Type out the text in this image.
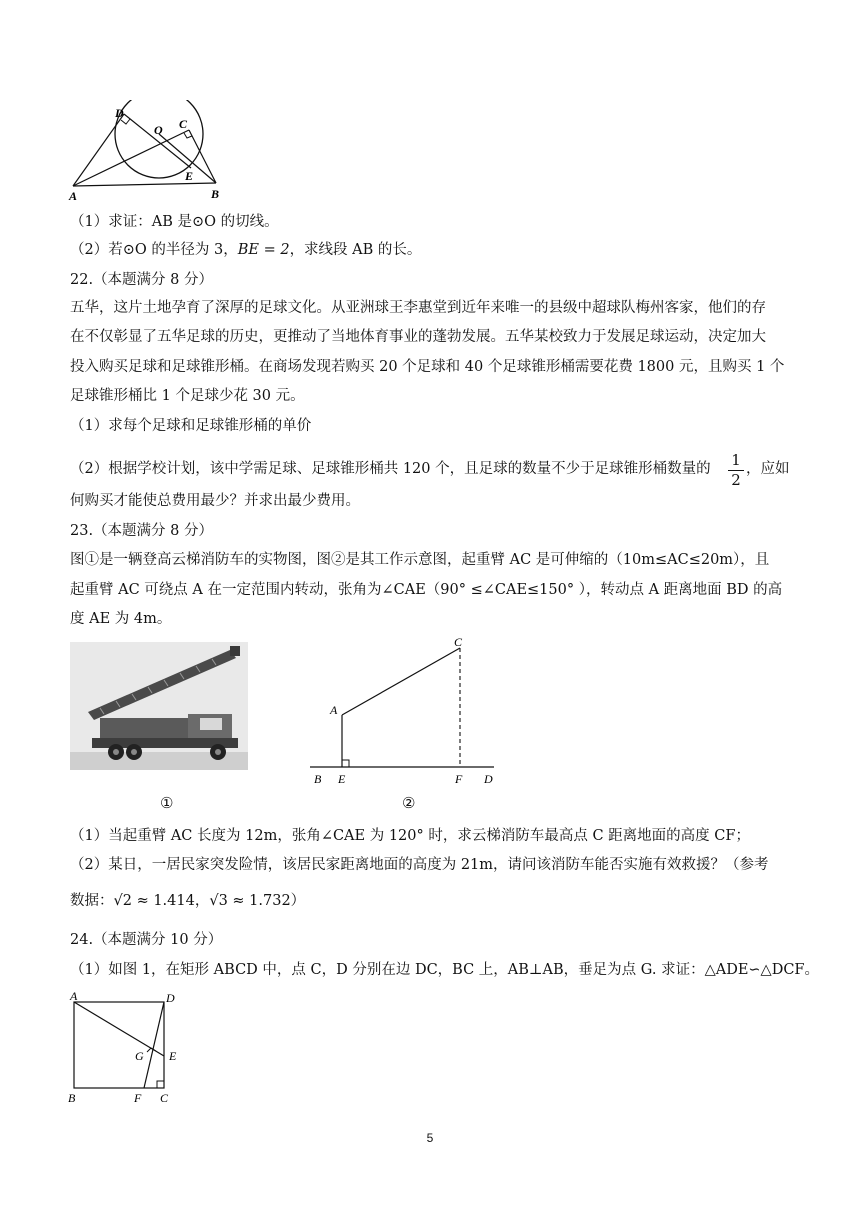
D
O C
E
A	B
（1）求证：AB 是⊙O 的切线。
（2）若⊙O 的半径为 3，BE = 2，求线段 AB 的长。
22.（本题满分 8 分）
五华，这片土地孕育了深厚的足球文化。从亚洲球王李惠堂到近年来唯一的县级中超球队梅州客家，他们的存
在不仅彰显了五华足球的历史，更推动了当地体育事业的蓬勃发展。五华某校致力于发展足球运动，决定加大
投入购买足球和足球锥形桶。在商场发现若购买 20 个足球和 40 个足球锥形桶需要花费 1800 元，且购买 1 个
足球锥形桶比 1 个足球少花 30 元。
（1）求每个足球和足球锥形桶的单价
（2）根据学校计划，该中学需足球、足球锥形桶共 120 个，且足球的数量不少于足球锥形桶数量的	1
2
，应如
何购买才能使总费用最少？并求出最少费用。
23.（本题满分 8 分）
图①是一辆登高云梯消防车的实物图，图②是其工作示意图，起重臂 AC 是可伸缩的（10m≤AC≤20m），且
起重臂 AC 可绕点 A 在一定范围内转动，张角为∠CAE（90° ≤∠CAE≤150° ），转动点 A 距离地面 BD 的高
度 AE 为 4m。
C
A
B E	F D
①	②
（1）当起重臂 AC 长度为 12m，张角∠CAE 为 120° 时，求云梯消防车最高点 C 距离地面的高度 CF；
（2）某日，一居民家突发险情，该居民家距离地面的高度为 21m，请问该消防车能否实施有效救援？（参考
数据：√2 ≈ 1.414，√3 ≈ 1.732）
24.（本题满分 10 分）
（1）如图 1，在矩形 ABCD 中，点 C，D 分别在边 DC，BC 上，AB⊥AB，垂足为点 G. 求证：△ADE∽△DCF。
A	D
G E
B	F C
5
